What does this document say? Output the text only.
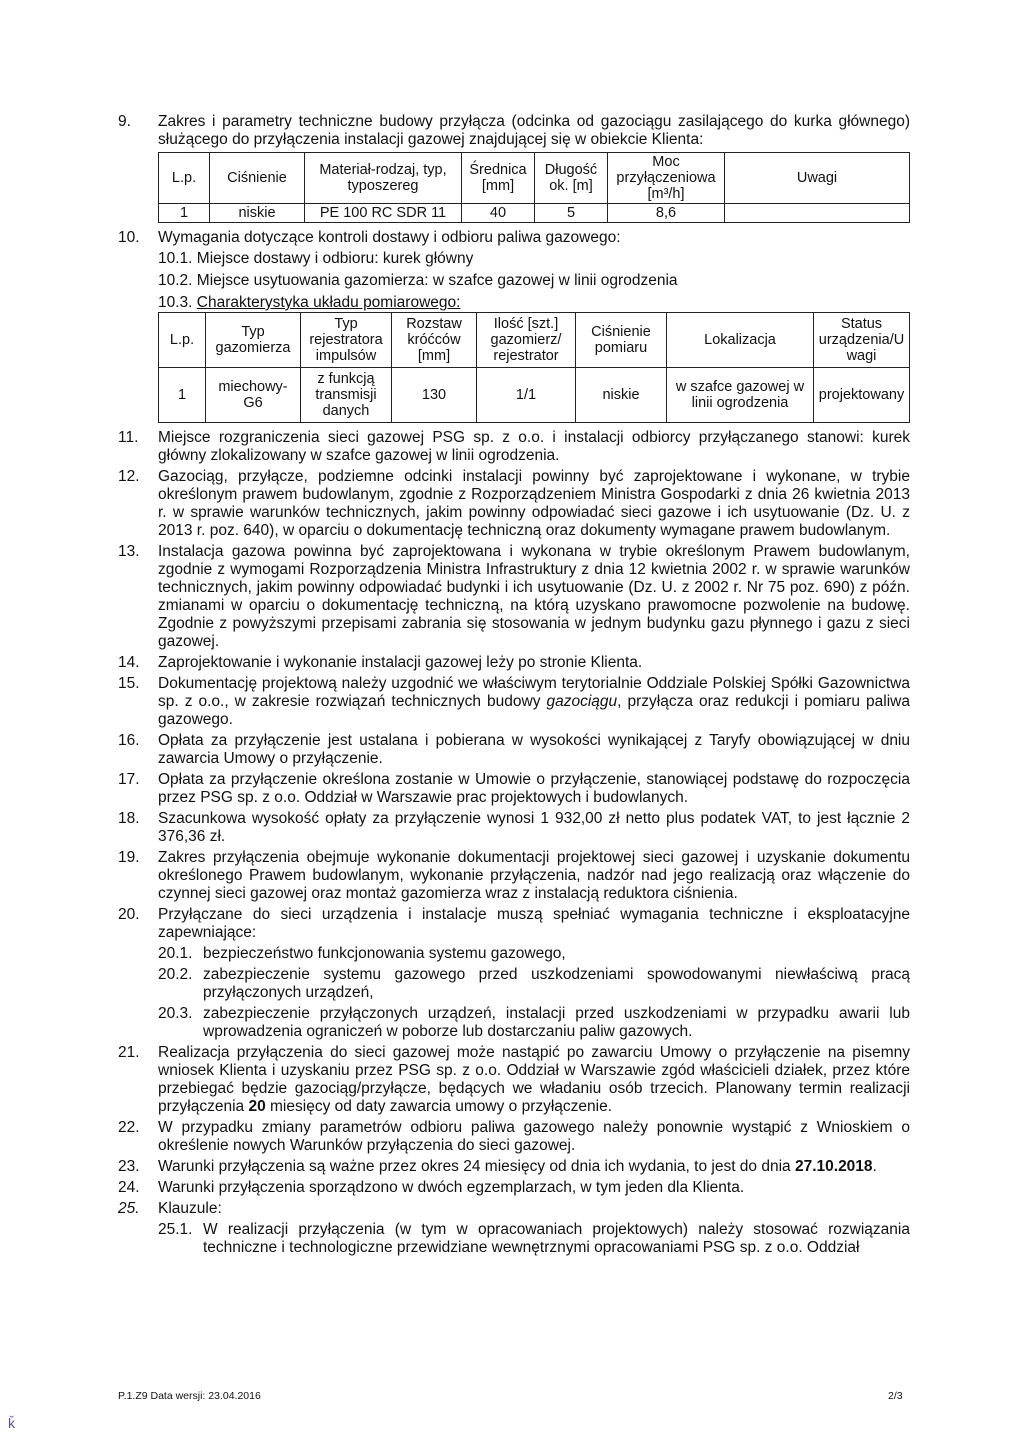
9. Zakres i parametry techniczne budowy przyłącza (odcinka od gazociągu zasilającego do kurka głównego) służącego do przyłączenia instalacji gazowej znajdującej się w obiekcie Klienta:
L.p.	Ciśnienie	Materiał-rodzaj, typ, typoszereg	Średnica [mm]	Długość ok. [m]	Moc przyłączeniowa [m³/h]	Uwagi
1	niskie	PE 100 RC SDR 11	40	5	8,6	
10. Wymagania dotyczące kontroli dostawy i odbioru paliwa gazowego:
10.1. Miejsce dostawy i odbioru: kurek główny
10.2. Miejsce usytuowania gazomierza: w szafce gazowej w linii ogrodzenia
10.3. Charakterystyka układu pomiarowego:
L.p.	Typ gazomierza	Typ rejestratora impulsów	Rozstaw króćców [mm]	Ilość [szt.] gazomierz/ rejestrator	Ciśnienie pomiaru	Lokalizacja	Status urządzenia/U wagi
1	miechowy- G6	z funkcją transmisji danych	130	1/1	niskie	w szafce gazowej w linii ogrodzenia	projektowany
11. Miejsce rozgraniczenia sieci gazowej PSG sp. z o.o. i instalacji odbiorcy przyłączanego stanowi: kurek główny zlokalizowany w szafce gazowej w linii ogrodzenia.
12. Gazociąg, przyłącze, podziemne odcinki instalacji powinny być zaprojektowane i wykonane, w trybie określonym prawem budowlanym, zgodnie z Rozporządzeniem Ministra Gospodarki z dnia 26 kwietnia 2013 r. w sprawie warunków technicznych, jakim powinny odpowiadać sieci gazowe i ich usytuowanie (Dz. U. z 2013 r. poz. 640), w oparciu o dokumentację techniczną oraz dokumenty wymagane prawem budowlanym.
13. Instalacja gazowa powinna być zaprojektowana i wykonana w trybie określonym Prawem budowlanym, zgodnie z wymogami Rozporządzenia Ministra Infrastruktury z dnia 12 kwietnia 2002 r. w sprawie warunków technicznych, jakim powinny odpowiadać budynki i ich usytuowanie (Dz. U. z 2002 r. Nr 75 poz. 690) z późn. zmianami w oparciu o dokumentację techniczną, na którą uzyskano prawomocne pozwolenie na budowę. Zgodnie z powyższymi przepisami zabrania się stosowania w jednym budynku gazu płynnego i gazu z sieci gazowej.
14. Zaprojektowanie i wykonanie instalacji gazowej leży po stronie Klienta.
15. Dokumentację projektową należy uzgodnić we właściwym terytorialnie Oddziale Polskiej Spółki Gazownictwa sp. z o.o., w zakresie rozwiązań technicznych budowy gazociągu, przyłącza oraz redukcji i pomiaru paliwa gazowego.
16. Opłata za przyłączenie jest ustalana i pobierana w wysokości wynikającej z Taryfy obowiązującej w dniu zawarcia Umowy o przyłączenie.
17. Opłata za przyłączenie określona zostanie w Umowie o przyłączenie, stanowiącej podstawę do rozpoczęcia przez PSG sp. z o.o. Oddział w Warszawie prac projektowych i budowlanych.
18. Szacunkowa wysokość opłaty za przyłączenie wynosi 1 932,00 zł netto plus podatek VAT, to jest łącznie 2 376,36 zł.
19. Zakres przyłączenia obejmuje wykonanie dokumentacji projektowej sieci gazowej i uzyskanie dokumentu określonego Prawem budowlanym, wykonanie przyłączenia, nadzór nad jego realizacją oraz włączenie do czynnej sieci gazowej oraz montaż gazomierza wraz z instalacją reduktora ciśnienia.
20. Przyłączane do sieci urządzenia i instalacje muszą spełniać wymagania techniczne i eksploatacyjne zapewniające:
20.1. bezpieczeństwo funkcjonowania systemu gazowego,
20.2. zabezpieczenie systemu gazowego przed uszkodzeniami spowodowanymi niewłaściwą pracą przyłączonych urządzeń,
20.3. zabezpieczenie przyłączonych urządzeń, instalacji przed uszkodzeniami w przypadku awarii lub wprowadzenia ograniczeń w poborze lub dostarczaniu paliw gazowych.
21. Realizacja przyłączenia do sieci gazowej może nastąpić po zawarciu Umowy o przyłączenie na pisemny wniosek Klienta i uzyskaniu przez PSG sp. z o.o. Oddział w Warszawie zgód właścicieli działek, przez które przebiegać będzie gazociąg/przyłącze, będących we władaniu osób trzecich. Planowany termin realizacji przyłączenia 20 miesięcy od daty zawarcia umowy o przyłączenie.
22. W przypadku zmiany parametrów odbioru paliwa gazowego należy ponownie wystąpić z Wnioskiem o określenie nowych Warunków przyłączenia do sieci gazowej.
23. Warunki przyłączenia są ważne przez okres 24 miesięcy od dnia ich wydania, to jest do dnia 27.10.2018.
24. Warunki przyłączenia sporządzono w dwóch egzemplarzach, w tym jeden dla Klienta.
25. Klauzule:
25.1. W realizacji przyłączenia (w tym w opracowaniach projektowych) należy stosować rozwiązania techniczne i technologiczne przewidziane wewnętrznymi opracowaniami PSG sp. z o.o. Oddział
P.1.Z9 Data wersji: 23.04.2016	2/3
ǩ
